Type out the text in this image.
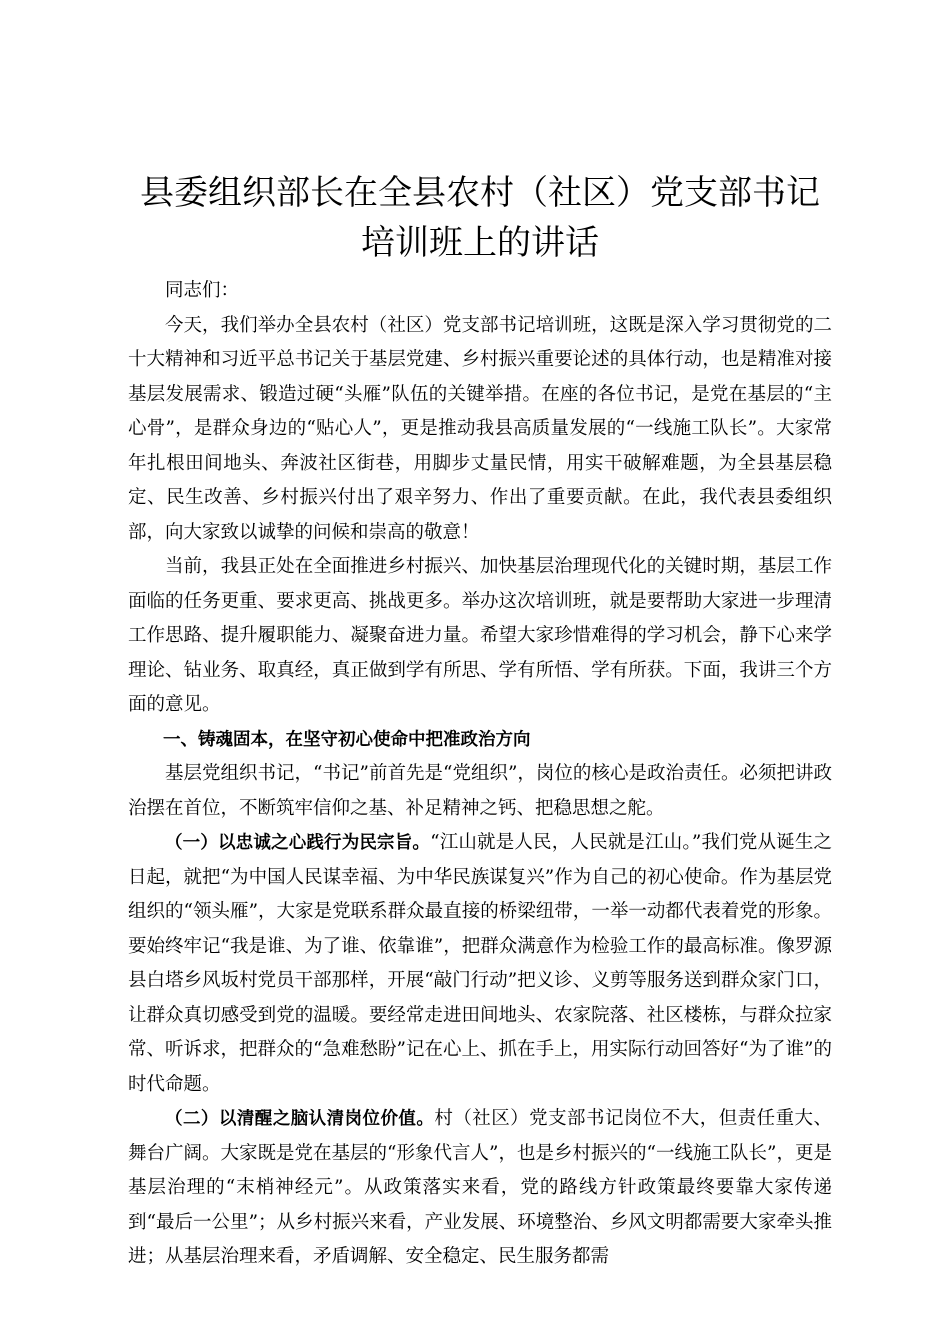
县委组织部长在全县农村（社区）党支部书记
培训班上的讲话

同志们：

今天，我们举办全县农村（社区）党支部书记培训班，这既是深入学习贯彻党的二十大精神和习近平总书记关于基层党建、乡村振兴重要论述的具体行动，也是精准对接基层发展需求、锻造过硬“头雁”队伍的关键举措。在座的各位书记，是党在基层的“主心骨”，是群众身边的“贴心人”，更是推动我县高质量发展的“一线施工队长”。大家常年扎根田间地头、奔波社区街巷，用脚步丈量民情，用实干破解难题，为全县基层稳定、民生改善、乡村振兴付出了艰辛努力、作出了重要贡献。在此，我代表县委组织部，向大家致以诚挚的问候和崇高的敬意！

当前，我县正处在全面推进乡村振兴、加快基层治理现代化的关键时期，基层工作面临的任务更重、要求更高、挑战更多。举办这次培训班，就是要帮助大家进一步理清工作思路、提升履职能力、凝聚奋进力量。希望大家珍惜难得的学习机会，静下心来学理论、钻业务、取真经，真正做到学有所思、学有所悟、学有所获。下面，我讲三个方面的意见。

一、铸魂固本，在坚守初心使命中把准政治方向

基层党组织书记，“书记”前首先是“党组织”，岗位的核心是政治责任。必须把讲政治摆在首位，不断筑牢信仰之基、补足精神之钙、把稳思想之舵。

（一）以忠诚之心践行为民宗旨。“江山就是人民，人民就是江山。”我们党从诞生之日起，就把“为中国人民谋幸福、为中华民族谋复兴”作为自己的初心使命。作为基层党组织的“领头雁”，大家是党联系群众最直接的桥梁纽带，一举一动都代表着党的形象。要始终牢记“我是谁、为了谁、依靠谁”，把群众满意作为检验工作的最高标准。像罗源县白塔乡风坂村党员干部那样，开展“敲门行动”把义诊、义剪等服务送到群众家门口，让群众真切感受到党的温暖。要经常走进田间地头、农家院落、社区楼栋，与群众拉家常、听诉求，把群众的“急难愁盼”记在心上、抓在手上，用实际行动回答好“为了谁”的时代命题。

（二）以清醒之脑认清岗位价值。村（社区）党支部书记岗位不大，但责任重大、舞台广阔。大家既是党在基层的“形象代言人”，也是乡村振兴的“一线施工队长”，更是基层治理的“末梢神经元”。从政策落实来看，党的路线方针政策最终要靠大家传递到“最后一公里”；从乡村振兴来看，产业发展、环境整治、乡风文明都需要大家牵头推进；从基层治理来看，矛盾调解、安全稳定、民生服务都需
